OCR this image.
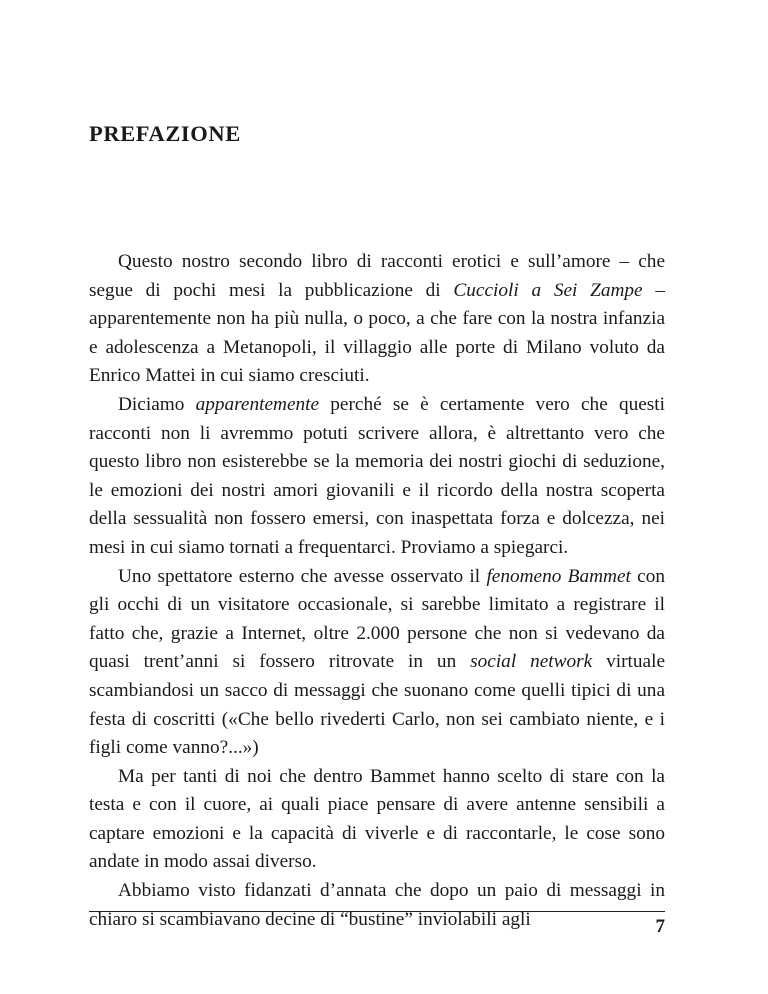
PREFAZIONE

Questo nostro secondo libro di racconti erotici e sull’amore – che segue di pochi mesi la pubblicazione di Cuccioli a Sei Zampe – apparentemente non ha più nulla, o poco, a che fare con la nostra infanzia e adolescenza a Metanopoli, il villaggio alle porte di Milano voluto da Enrico Mattei in cui siamo cresciuti.

Diciamo apparentemente perché se è certamente vero che questi racconti non li avremmo potuti scrivere allora, è altrettanto vero che questo libro non esisterebbe se la memoria dei nostri giochi di seduzione, le emozioni dei nostri amori giovanili e il ricordo della nostra scoperta della sessualità non fossero emersi, con inaspettata forza e dolcezza, nei mesi in cui siamo tornati a frequentarci. Proviamo a spiegarci.

Uno spettatore esterno che avesse osservato il fenomeno Bammet con gli occhi di un visitatore occasionale, si sarebbe limitato a registrare il fatto che, grazie a Internet, oltre 2.000 persone che non si vedevano da quasi trent’anni si fossero ritrovate in un social network virtuale scambiandosi un sacco di messaggi che suonano come quelli tipici di una festa di coscritti («Che bello rivederti Carlo, non sei cambiato niente, e i figli come vanno?...»)

Ma per tanti di noi che dentro Bammet hanno scelto di stare con la testa e con il cuore, ai quali piace pensare di avere antenne sensibili a captare emozioni e la capacità di viverle e di raccontarle, le cose sono andate in modo assai diverso.

Abbiamo visto fidanzati d’annata che dopo un paio di messaggi in chiaro si scambiavano decine di “bustine” inviolabili agli	7
